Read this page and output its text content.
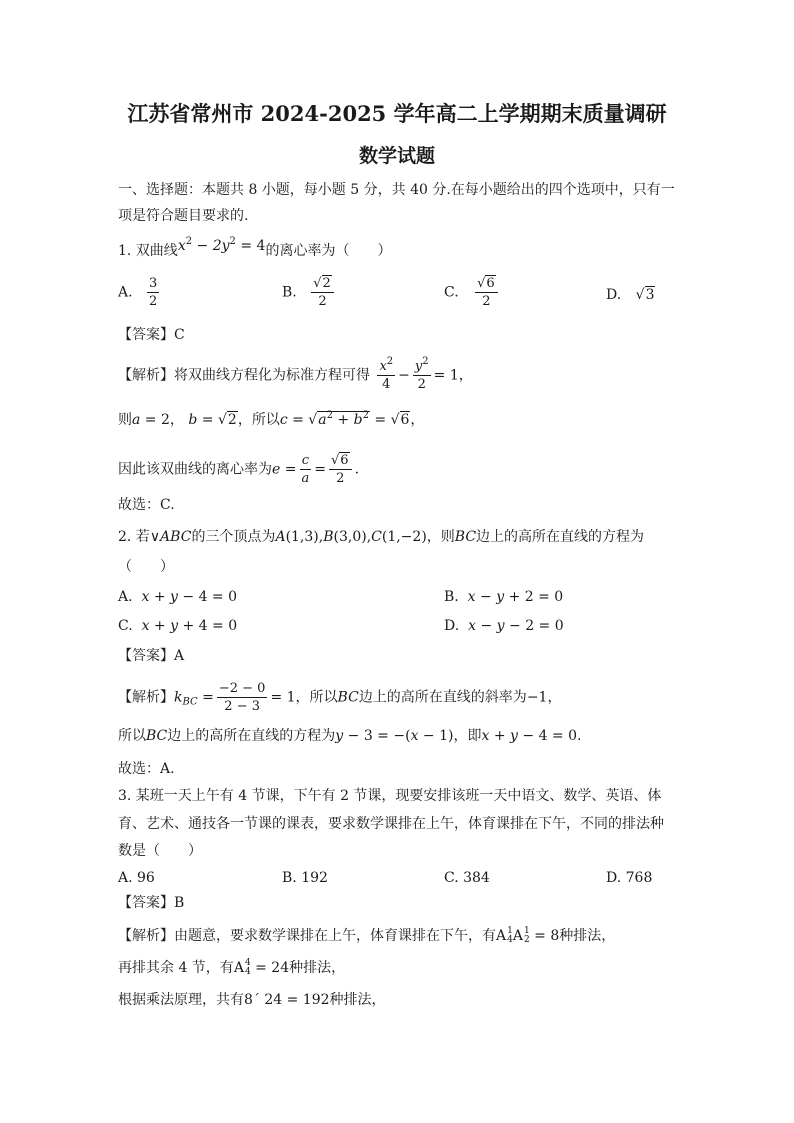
江苏省常州市 2024-2025 学年高二上学期期末质量调研
数学试题
一、选择题：本题共 8 小题，每小题 5 分，共 40 分.在每小题给出的四个选项中，只有一
项是符合题目要求的.
1. 双曲线$x^2 - 2y^2 = 4$的离心率为（　　）
A. $\frac{3}{2}$	B. $\frac{√2}{2}$	C. $\frac{√6}{2}$	D. √3
【答案】C
【解析】将双曲线方程化为标准方程可得 $\frac{x^2}{4} - \frac{y^2}{2} = 1$，
则a = 2， b = √2，所以$c = √a^2 + b^2 = √6$，
因此该双曲线的离心率为$e = \frac{c}{a} = \frac{√6}{2}$ .
故选：C.
2. 若∨ABC的三个顶点为A(1,3),B(3,0),C(1,−2)，则BC边上的高所在直线的方程为
（　　）
A. x + y − 4 = 0	B. x − y + 2 = 0
C. x + y + 4 = 0	D. x − y − 2 = 0
【答案】A
【解析】$k_{BC} = \frac{-2 - 0}{2 - 3} = 1$，所以BC边上的高所在直线的斜率为−1，
所以BC边上的高所在直线的方程为y − 3 = −(x − 1)，即x + y − 4 = 0.
故选：A.
3. 某班一天上午有 4 节课，下午有 2 节课，现要安排该班一天中语文、数学、英语、体
育、艺术、通技各一节课的课表，要求数学课排在上午，体育课排在下午，不同的排法种
数是（　　）
A. 96	B. 192	C. 384	D. 768
【答案】B
【解析】由题意，要求数学课排在上午，体育课排在下午，有A 1
4 A 1
2 = 8种排法，
再排其余 4 节，有A 4
4 = 24种排法，
根据乘法原理，共有8´ 24 = 192种排法，
